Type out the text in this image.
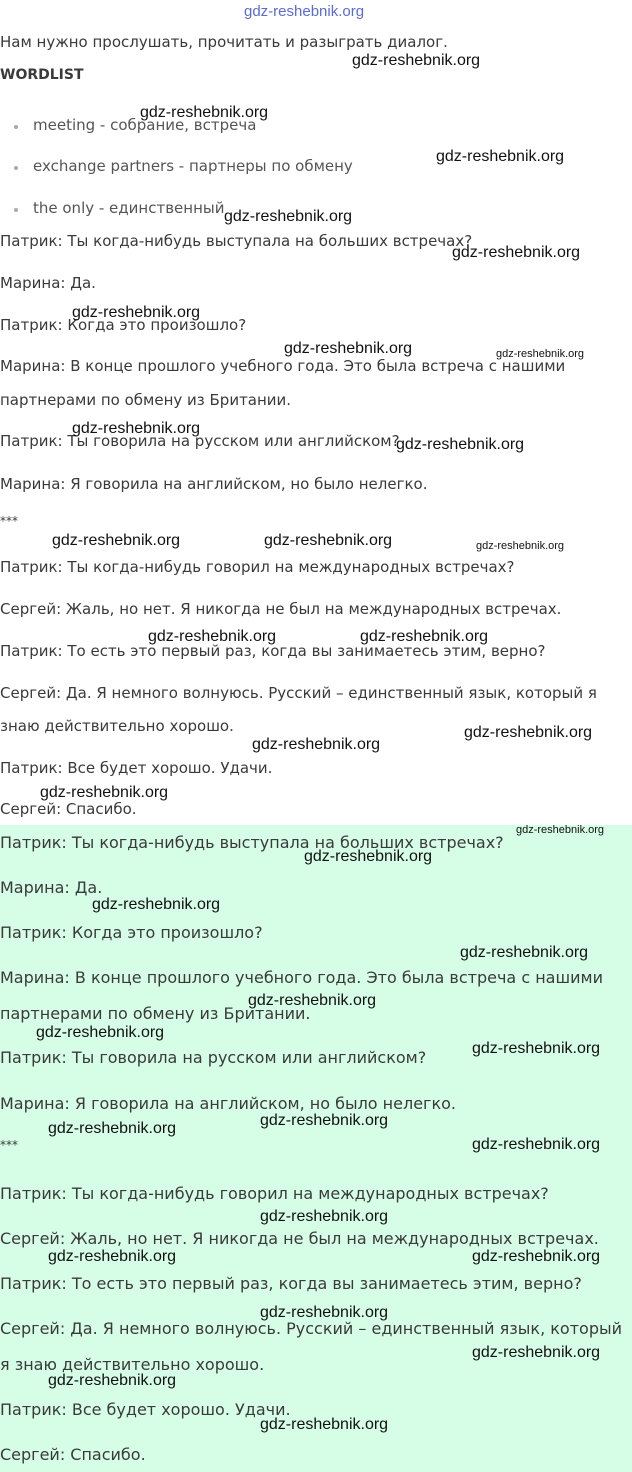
gdz-reshebnik.org
Нам нужно прослушать, прочитать и разыграть диалог.
WORDLIST
meeting - собрание, встреча
exchange partners - партнеры по обмену
the only - единственный
Патрик: Ты когда-нибудь выступала на больших встречах?
Марина: Да.
Патрик: Когда это произошло?
Марина: В конце прошлого учебного года. Это была встреча с нашими
партнерами по обмену из Британии.
Патрик: Ты говорила на русском или английском?
Марина: Я говорила на английском, но было нелегко.
***
Патрик: Ты когда-нибудь говорил на международных встречах?
Сергей: Жаль, но нет. Я никогда не был на международных встречах.
Патрик: То есть это первый раз, когда вы занимаетесь этим, верно?
Сергей: Да. Я немного волнуюсь. Русский – единственный язык, который я
знаю действительно хорошо.
Патрик: Все будет хорошо. Удачи.
Сергей: Спасибо.
Патрик: Ты когда-нибудь выступала на больших встречах?
Марина: Да.
Патрик: Когда это произошло?
Марина: В конце прошлого учебного года. Это была встреча с нашими
партнерами по обмену из Британии.
Патрик: Ты говорила на русском или английском?
Марина: Я говорила на английском, но было нелегко.
***
Патрик: Ты когда-нибудь говорил на международных встречах?
Сергей: Жаль, но нет. Я никогда не был на международных встречах.
Патрик: То есть это первый раз, когда вы занимаетесь этим, верно?
Сергей: Да. Я немного волнуюсь. Русский – единственный язык, который
я знаю действительно хорошо.
Патрик: Все будет хорошо. Удачи.
Сергей: Спасибо.
gdz-reshebnik.org
gdz-reshebnik.org
gdz-reshebnik.org
gdz-reshebnik.org
gdz-reshebnik.org
gdz-reshebnik.org
gdz-reshebnik.org	gdz-reshebnik.org
gdz-reshebnik.org
gdz-reshebnik.org
gdz-reshebnik.org	gdz-reshebnik.org	gdz-reshebnik.org
gdz-reshebnik.org	gdz-reshebnik.org
gdz-reshebnik.org
gdz-reshebnik.org
gdz-reshebnik.org
gdz-reshebnik.org
gdz-reshebnik.org
gdz-reshebnik.org
gdz-reshebnik.org
gdz-reshebnik.org
gdz-reshebnik.org
gdz-reshebnik.org
gdz-reshebnik.org
gdz-reshebnik.org
gdz-reshebnik.org
gdz-reshebnik.org
gdz-reshebnik.org	gdz-reshebnik.org
gdz-reshebnik.org
gdz-reshebnik.org
gdz-reshebnik.org
gdz-reshebnik.org
